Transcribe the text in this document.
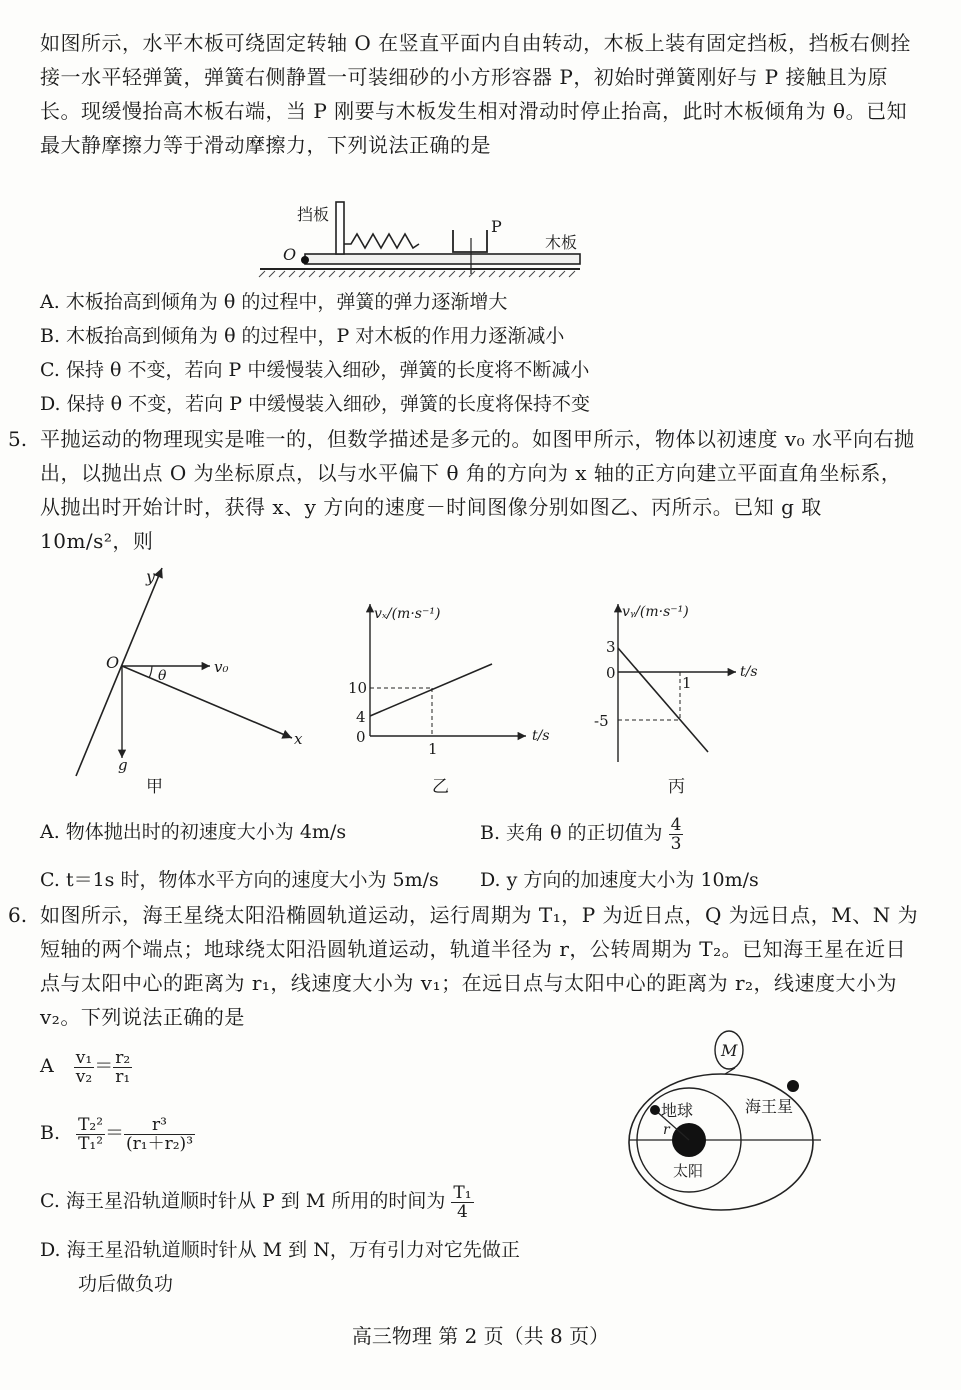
如图所示，水平木板可绕固定转轴 O 在竖直平面内自由转动，木板上装有固定挡板，挡板右侧拴接一水平轻弹簧，弹簧右侧静置一可装细砂的小方形容器 P，初始时弹簧刚好与 P 接触且为原长。现缓慢抬高木板右端，当 P 刚要与木板发生相对滑动时停止抬高，此时木板倾角为 θ。已知最大静摩擦力等于滑动摩擦力，下列说法正确的是
挡板
O
P
木板
A. 木板抬高到倾角为 θ 的过程中，弹簧的弹力逐渐增大
B. 木板抬高到倾角为 θ 的过程中，P 对木板的作用力逐渐减小
C. 保持 θ 不变，若向 P 中缓慢装入细砂，弹簧的长度将不断减小
D. 保持 θ 不变，若向 P 中缓慢装入细砂，弹簧的长度将保持不变
5. 平抛运动的物理现实是唯一的，但数学描述是多元的。如图甲所示，物体以初速度 v₀ 水平向右抛出，以抛出点 O 为坐标原点，以与水平偏下 θ 角的方向为 x 轴的正方向建立平面直角坐标系，从抛出时开始计时，获得 x、y 方向的速度－时间图像分别如图乙、丙所示。已知 g 取 10m/s²，则
y
O
θ	v₀
x
g
甲
vₓ/(m·s⁻¹)
t/s
10
4
0
1
乙
vᵧ/(m·s⁻¹)
t/s
3
0
-5
1
丙
A. 物体抛出时的初速度大小为 4m/s	B. 夹角 θ 的正切值为 $\frac{4}{3}$
C. t＝1s 时，物体水平方向的速度大小为 5m/s D. y 方向的加速度大小为 10m/s
6. 如图所示，海王星绕太阳沿椭圆轨道运动，运行周期为 T₁，P 为近日点，Q 为远日点，M、N 为短轴的两个端点；地球绕太阳沿圆轨道运动，轨道半径为 r，公转周期为 T₂。已知海王星在近日点与太阳中心的距离为 r₁，线速度大小为 v₁；在远日点与太阳中心的距离为 r₂，线速度大小为 v₂。下列说法正确的是
A $\frac{\text{v₁}}{\text{v₂}} = \frac{\text{r₂}}{\text{r₁}}$
B. $\frac{\text{T₂²}}{\text{T₁²}} = \frac{\text{r³}}{\text{(r₁＋r₂)³}}$
C. 海王星沿轨道顺时针从 P 到 M 所用的时间为 $\frac{\text{T₁}}{4}$
D. 海王星沿轨道顺时针从 M 到 N，万有引力对它先做正
功后做负功
M
地球	海王星
太阳
r
高三物理 第 2 页（共 8 页）
